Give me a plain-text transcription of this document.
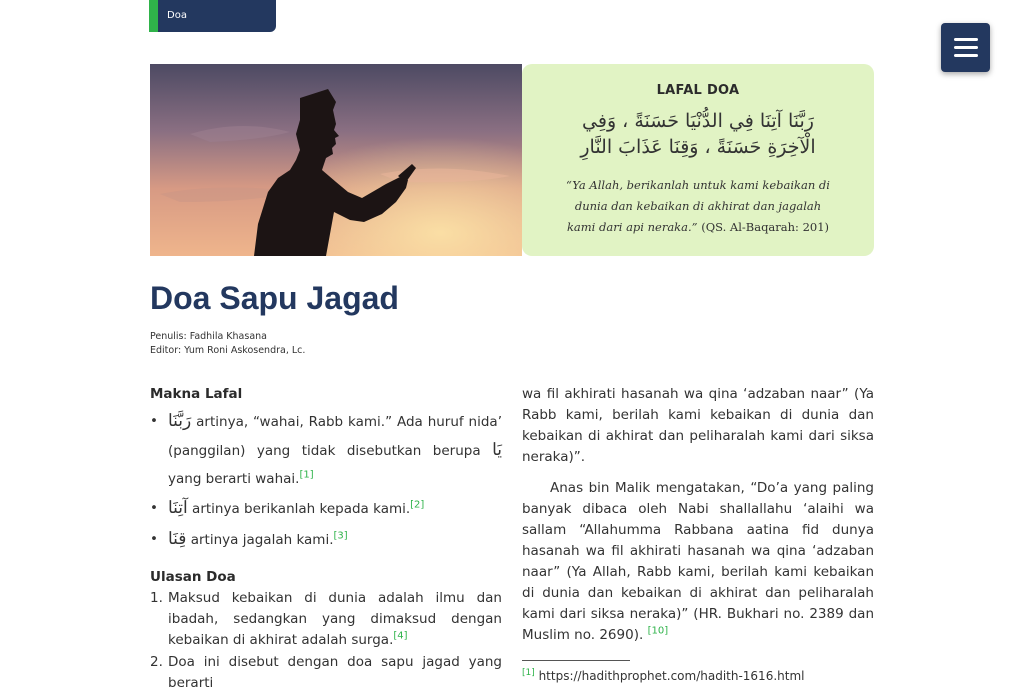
Doa
LAFAL DOA
رَبَّنَا آتِنَا فِي الدُّنْيَا حَسَنَةً ، وَفِي الْآخِرَةِ حَسَنَةً ، وَقِنَا عَذَابَ النَّارِ
“Ya Allah, berikanlah untuk kami kebaikan di dunia dan kebaikan di akhirat dan jagalah kami dari api neraka.” (QS. Al-Baqarah: 201)
Doa Sapu Jagad
Penulis: Fadhila Khasana
Editor: Yum Roni Askosendra, Lc.
Makna Lafal
• رَبَّنَا artinya, “wahai, Rabb kami.” Ada huruf nida’ (panggilan) yang tidak disebutkan berupa يَا yang berarti wahai.[1]
• آتِنَا artinya berikanlah kepada kami.[2]
• قِنَا artinya jagalah kami.[3]
Ulasan Doa
1. Maksud kebaikan di dunia adalah ilmu dan ibadah, sedangkan yang dimaksud dengan kebaikan di akhirat adalah surga.[4]
2. Doa ini disebut dengan doa sapu jagad yang berarti

wa fil akhirati hasanah wa qina ‘adzaban naar” (Ya Rabb kami, berilah kami kebaikan di dunia dan kebaikan di akhirat dan peliharalah kami dari siksa neraka)”.

Anas bin Malik mengatakan, “Do’a yang paling banyak dibaca oleh Nabi shallallahu ‘alaihi wa sallam “Allahumma Rabbana aatina fid dunya hasanah wa fil akhirati hasanah wa qina ‘adzaban naar” (Ya Allah, Rabb kami, berilah kami kebaikan di dunia dan kebaikan di akhirat dan peliharalah kami dari siksa neraka)” (HR. Bukhari no. 2389 dan Muslim no. 2690). [10]

[1] https://hadithprophet.com/hadith-1616.html
